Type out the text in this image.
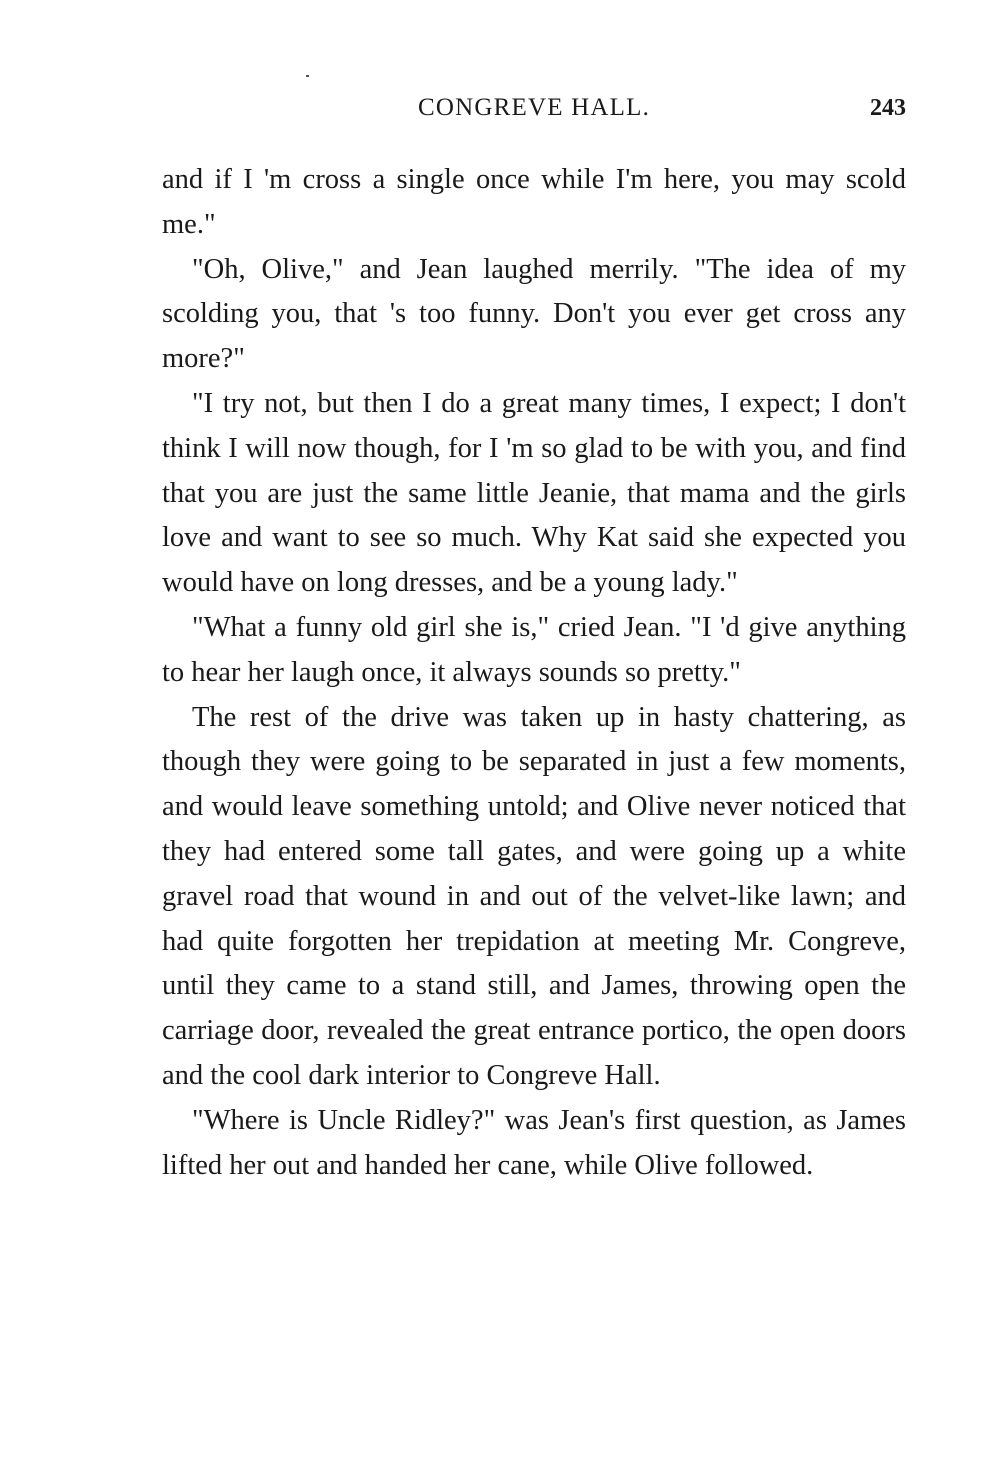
CONGREVE HALL.	243

and if I 'm cross a single once while I'm here, you may scold me."

"Oh, Olive," and Jean laughed merrily. "The idea of my scolding you, that 's too funny. Don't you ever get cross any more?"

"I try not, but then I do a great many times, I expect; I don't think I will now though, for I 'm so glad to be with you, and find that you are just the same little Jeanie, that mama and the girls love and want to see so much. Why Kat said she expected you would have on long dresses, and be a young lady."

"What a funny old girl she is," cried Jean. "I 'd give anything to hear her laugh once, it always sounds so pretty."

The rest of the drive was taken up in hasty chattering, as though they were going to be separated in just a few moments, and would leave something untold; and Olive never noticed that they had entered some tall gates, and were going up a white gravel road that wound in and out of the velvet-like lawn; and had quite forgotten her trepidation at meeting Mr. Congreve, until they came to a stand still, and James, throwing open the carriage door, revealed the great entrance portico, the open doors and the cool dark interior to Congreve Hall.

"Where is Uncle Ridley?" was Jean's first question, as James lifted her out and handed her cane, while Olive followed.
